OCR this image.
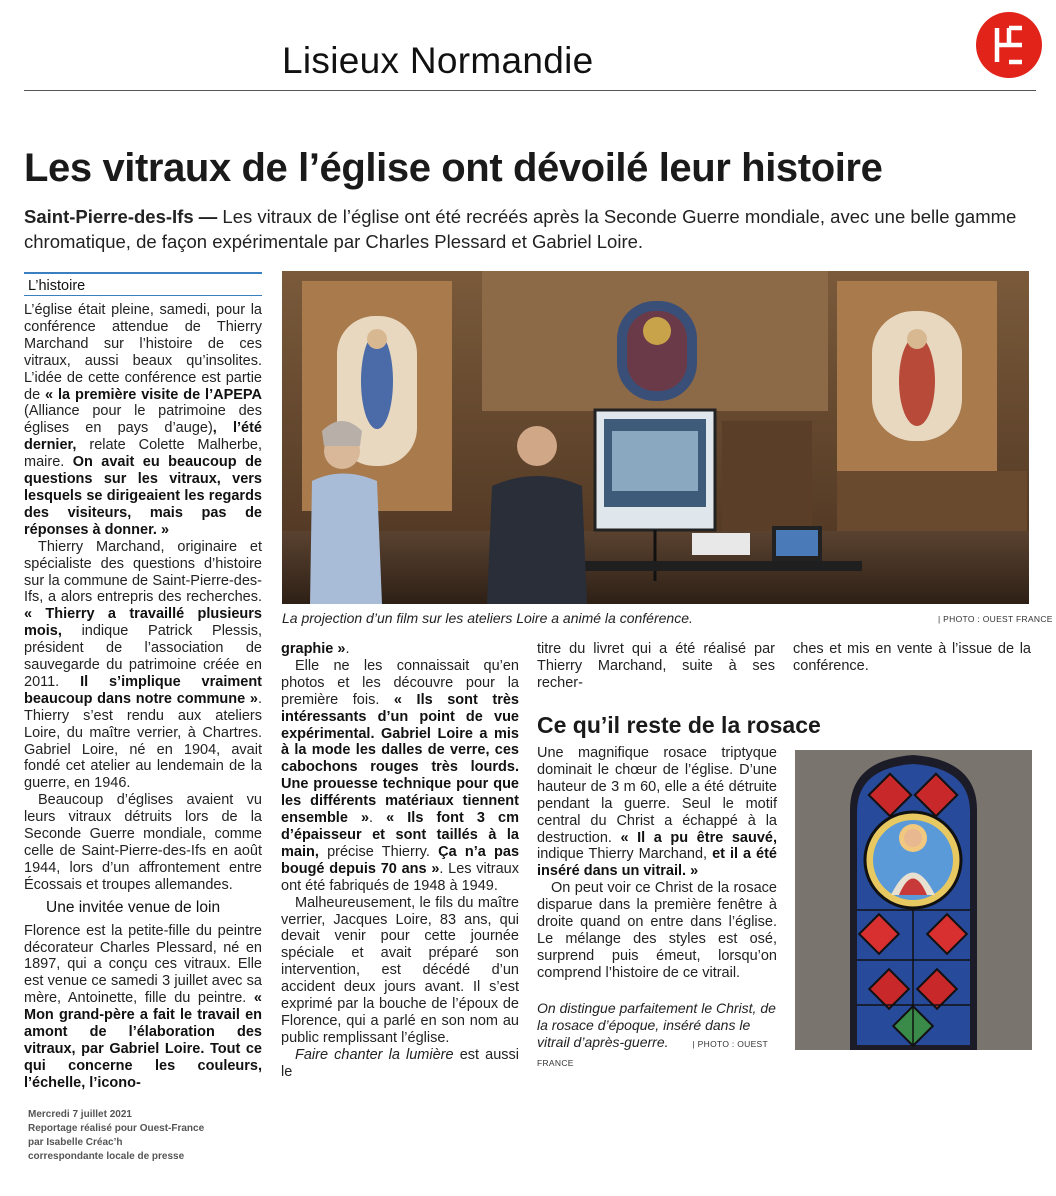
Lisieux Normandie
Les vitraux de l’église ont dévoilé leur histoire

Saint-Pierre-des-Ifs — Les vitraux de l’église ont été recréés après la Seconde Guerre mondiale, avec une belle gamme chromatique, de façon expérimentale par Charles Plessard et Gabriel Loire.

L’histoire

L’église était pleine, samedi, pour la conférence attendue de Thierry Marchand sur l’histoire de ces vitraux, aussi beaux qu’insolites. L’idée de cette conférence est partie de « la première visite de l’APEPA (Alliance pour le patrimoine des églises en pays d’auge), l’été dernier, relate Colette Malherbe, maire. On avait eu beaucoup de questions sur les vitraux, vers lesquels se dirigeaient les regards des visiteurs, mais pas de réponses à donner. »

Thierry Marchand, originaire et spécialiste des questions d’histoire sur la commune de Saint-Pierre-des-Ifs, a alors entrepris des recherches. « Thierry a travaillé plusieurs mois, indique Patrick Plessis, président de l’association de sauvegarde du patrimoine créée en 2011. Il s’implique vraiment beaucoup dans notre commune ». Thierry s’est rendu aux ateliers Loire, du maître verrier, à Chartres. Gabriel Loire, né en 1904, avait fondé cet atelier au lendemain de la guerre, en 1946.

Beaucoup d’églises avaient vu leurs vitraux détruits lors de la Seconde Guerre mondiale, comme celle de Saint-Pierre-des-Ifs en août 1944, lors d’un affrontement entre Écossais et troupes allemandes.

Une invitée venue de loin

Florence est la petite-fille du peintre décorateur Charles Plessard, né en 1897, qui a conçu ces vitraux. Elle est venue ce samedi 3 juillet avec sa mère, Antoinette, fille du peintre. « Mon grand-père a fait le travail en amont de l’élaboration des vitraux, par Gabriel Loire. Tout ce qui concerne les couleurs, l’échelle, l’icono-

La projection d’un film sur les ateliers Loire a animé la conférence.	| PHOTO : OUEST FRANCE

graphie ».

Elle ne les connaissait qu’en photos et les découvre pour la première fois. « Ils sont très intéressants d’un point de vue expérimental. Gabriel Loire a mis à la mode les dalles de verre, ces cabochons rouges très lourds. Une prouesse technique pour que les différents matériaux tiennent ensemble ». « Ils font 3 cm d’épaisseur et sont taillés à la main, précise Thierry. Ça n’a pas bougé depuis 70 ans ». Les vitraux ont été fabriqués de 1948 à 1949.

Malheureusement, le fils du maître verrier, Jacques Loire, 83 ans, qui devait venir pour cette journée spéciale et avait préparé son intervention, est décédé d’un accident deux jours avant. Il s’est exprimé par la bouche de l’époux de Florence, qui a parlé en son nom au public remplissant l’église.

Faire chanter la lumière est aussi le

titre du livret qui a été réalisé par Thierry Marchand, suite à ses recher-

ches et mis en vente à l’issue de la conférence.

Ce qu’il reste de la rosace

Une magnifique rosace triptyque dominait le chœur de l’église. D’une hauteur de 3 m 60, elle a été détruite pendant la guerre. Seul le motif central du Christ a échappé à la destruction. « Il a pu être sauvé, indique Thierry Marchand, et il a été inséré dans un vitrail. »

On peut voir ce Christ de la rosace disparue dans la première fenêtre à droite quand on entre dans l’église. Le mélange des styles est osé, surprend puis émeut, lorsqu’on comprend l’histoire de ce vitrail.

On distingue parfaitement le Christ, de la rosace d’époque, inséré dans le vitrail d’après-guerre.	| PHOTO : OUEST FRANCE

Mercredi 7 juillet 2021
Reportage réalisé pour Ouest-France
par Isabelle Créac’h
correspondante locale de presse
